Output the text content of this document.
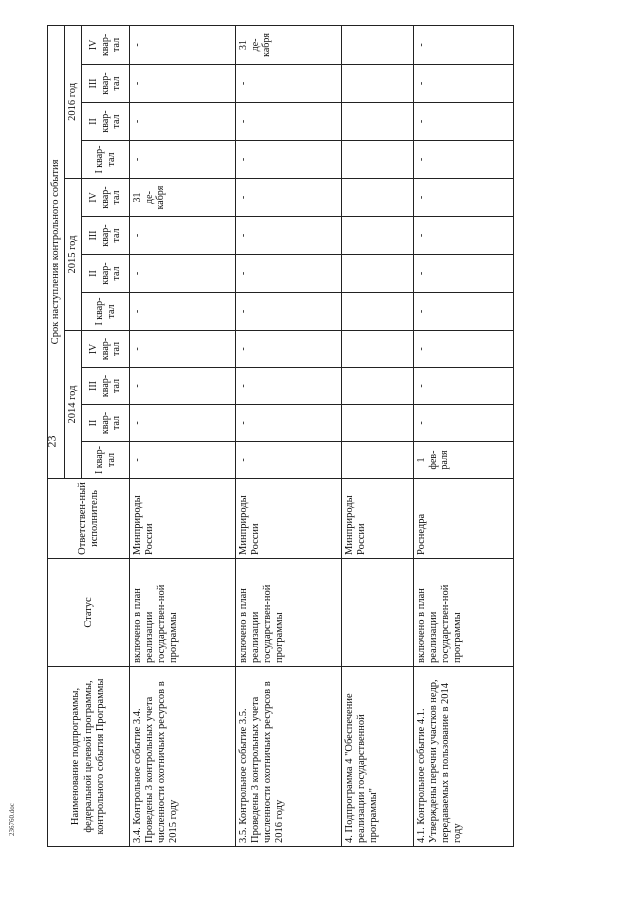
23
236760.doc	Наименование подпрограммы, федеральной целевой программы, контрольного события Программы	Статус	Ответствен-ный исполнитель	Срок наступления контрольного события											
			2014 год				2015 год				2016 год			
			I квар-тал	II квар-тал	III квар-тал	IV квар-тал	I квар-тал	II квар-тал	III квар-тал	IV квар-тал	I квар-тал	II квар-тал	III квар-тал	IV квар-тал
3.4. Контрольное событие 3.4. Проведены 3 контрольных учета численности охотничьих ресурсов в 2015 году	включено в план реализации государствен-ной программы	Минприроды России	-	-	-	-	-	-	-	31
де-
кабря	-	-	-	-
3.5. Контрольное событие 3.5. Проведены 3 контрольных учета численности охотничьих ресурсов в 2016 году	включено в план реализации государствен-ной программы	Минприроды России	-	-	-	-	-	-	-	-	-	-	-	31
де-
кабря
4. Подпрограмма 4 "Обеспечение реализации государственной программы"		Минприроды России												
4.1. Контрольное событие 4.1. Утверждены перечни участков недр, передаваемых в пользование в 2014 году	включено в план реализации государствен-ной программы	Роснедра	1
фев-
раля	-	-	-	-	-	-	-	-	-	-	-
